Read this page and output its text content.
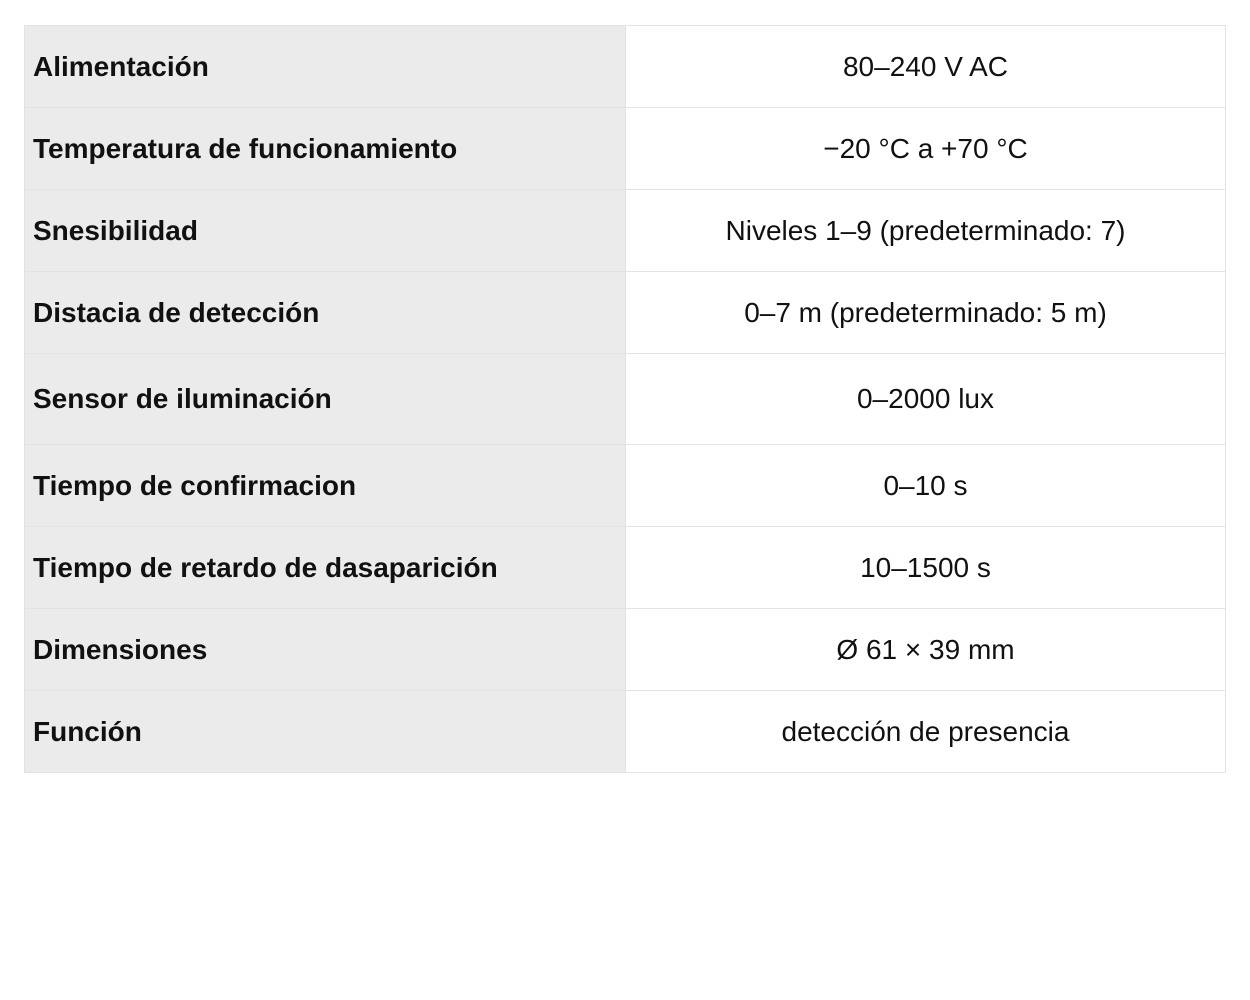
Alimentación	80–240 V AC
Temperatura de funcionamiento	−20 °C a +70 °C
Snesibilidad	Niveles 1–9 (predeterminado: 7)
Distacia de detección	0–7 m (predeterminado: 5 m)
Sensor de iluminación	0–2000 lux
Tiempo de confirmacion	0–10 s
Tiempo de retardo de dasaparición	10–1500 s
Dimensiones	Ø 61 × 39 mm
Función	detección de presencia
